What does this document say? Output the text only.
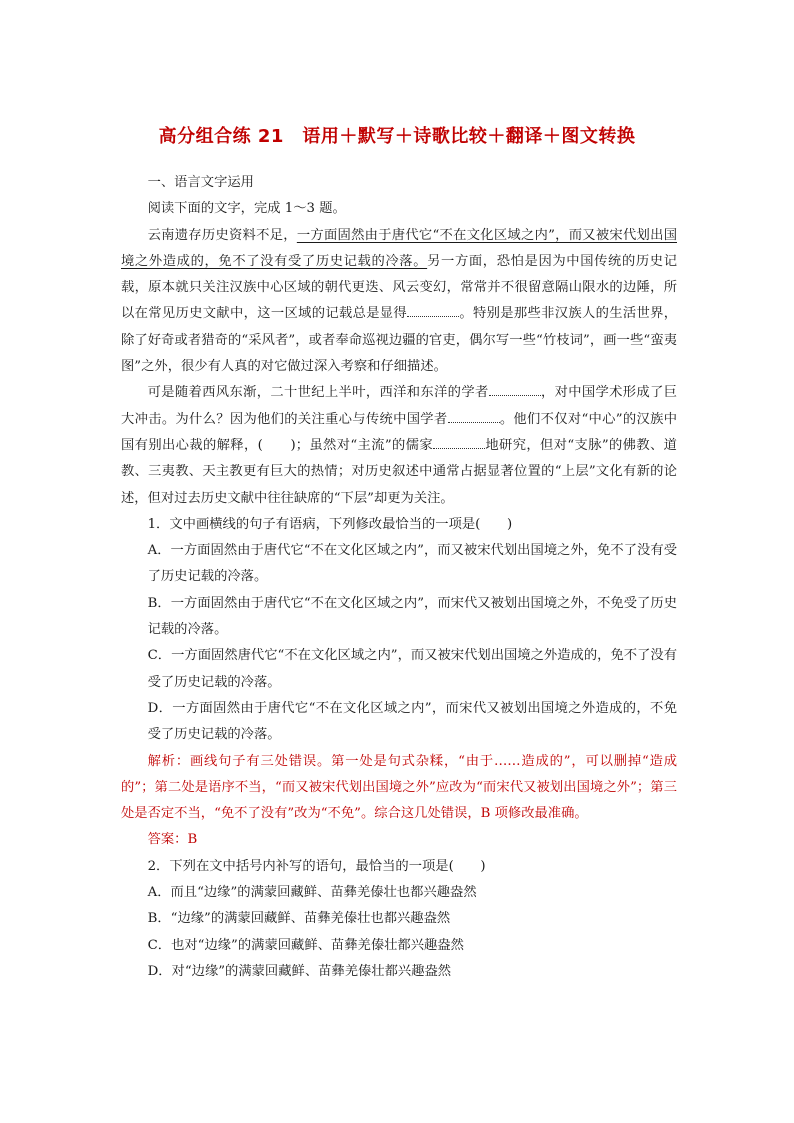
高分组合练 21　语用＋默写＋诗歌比较＋翻译＋图文转换

一、语言文字运用

阅读下面的文字，完成 1～3 题。

云南遗存历史资料不足，一方面固然由于唐代它“不在文化区域之内”，而又被宋代划出国境之外造成的，免不了没有受了历史记载的冷落。另一方面，恐怕是因为中国传统的历史记载，原本就只关注汉族中心区域的朝代更迭、风云变幻，常常并不很留意隔山限水的边陲，所以在常见历史文献中，这一区域的记载总是显得	。特别是那些非汉族人的生活世界，除了好奇或者猎奇的“采风者”，或者奉命巡视边疆的官吏，偶尔写一些“竹枝词”，画一些“蛮夷图”之外，很少有人真的对它做过深入考察和仔细描述。

可是随着西风东渐，二十世纪上半叶，西洋和东洋的学者	，对中国学术形成了巨大冲击。为什么？因为他们的关注重心与传统中国学者	。他们不仅对“中心”的汉族中国有别出心裁的解释，(　　)；虽然对“主流”的儒家	地研究，但对“支脉”的佛教、道教、三夷教、天主教更有巨大的热情；对历史叙述中通常占据显著位置的“上层”文化有新的论述，但对过去历史文献中往往缺席的“下层”却更为关注。

1．文中画横线的句子有语病，下列修改最恰当的一项是(　　)

A．一方面固然由于唐代它“不在文化区域之内”，而又被宋代划出国境之外，免不了没有受了历史记载的冷落。

B．一方面固然由于唐代它“不在文化区域之内”，而宋代又被划出国境之外，不免受了历史记载的冷落。

C．一方面固然唐代它“不在文化区域之内”，而又被宋代划出国境之外造成的，免不了没有受了历史记载的冷落。

D．一方面固然由于唐代它“不在文化区域之内”，而宋代又被划出国境之外造成的，不免受了历史记载的冷落。

解析：画线句子有三处错误。第一处是句式杂糅，“由于……造成的”，可以删掉“造成的”；第二处是语序不当，“而又被宋代划出国境之外”应改为“而宋代又被划出国境之外”；第三处是否定不当，“免不了没有”改为“不免”。综合这几处错误，B 项修改最准确。

答案：B

2．下列在文中括号内补写的语句，最恰当的一项是(　　)

A．而且“边缘”的满蒙回藏鲜、苗彝羌傣壮也都兴趣盎然

B．“边缘”的满蒙回藏鲜、苗彝羌傣壮也都兴趣盎然

C．也对“边缘”的满蒙回藏鲜、苗彝羌傣壮都兴趣盎然

D．对“边缘”的满蒙回藏鲜、苗彝羌傣壮都兴趣盎然
